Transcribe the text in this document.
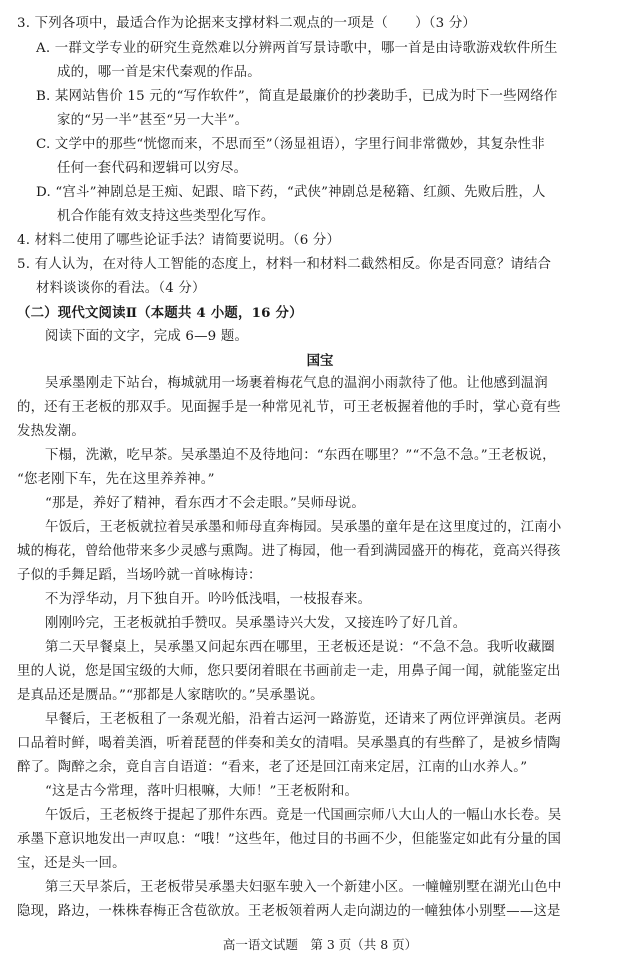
3. 下列各项中，最适合作为论据来支撑材料二观点的一项是（　　）（3 分）
A. 一群文学专业的研究生竟然难以分辨两首写景诗歌中，哪一首是由诗歌游戏软件所生
成的，哪一首是宋代秦观的作品。
B. 某网站售价 15 元的“写作软件”，简直是最廉价的抄袭助手，已成为时下一些网络作
家的“另一半”甚至“另一大半”。
C. 文学中的那些“恍惚而来，不思而至”（汤显祖语），字里行间非常微妙，其复杂性非
任何一套代码和逻辑可以穷尽。
D. “宫斗”神剧总是王痴、妃跟、暗下药，“武侠”神剧总是秘籍、红颜、先败后胜，人
机合作能有效支持这些类型化写作。
4. 材料二使用了哪些论证手法？请简要说明。（6 分）
5. 有人认为，在对待人工智能的态度上，材料一和材料二截然相反。你是否同意？请结合
材料谈谈你的看法。（4 分）
（二）现代文阅读Ⅱ（本题共 4 小题，16 分）
阅读下面的文字，完成 6—9 题。
国宝
吴承墨刚走下站台，梅城就用一场裹着梅花气息的温润小雨款待了他。让他感到温润
的，还有王老板的那双手。见面握手是一种常见礼节，可王老板握着他的手时，掌心竟有些
发热发潮。
下榻，洗漱，吃早茶。吴承墨迫不及待地问：“东西在哪里？”“不急不急。”王老板说，
“您老刚下车，先在这里养养神。”
“那是，养好了精神，看东西才不会走眼。”吴师母说。
午饭后，王老板就拉着吴承墨和师母直奔梅园。吴承墨的童年是在这里度过的，江南小
城的梅花，曾给他带来多少灵感与熏陶。进了梅园，他一看到满园盛开的梅花，竟高兴得孩
子似的手舞足蹈，当场吟就一首咏梅诗：
不为浮华动，月下独自开。吟吟低浅唱，一枝报春来。
刚刚吟完，王老板就拍手赞叹。吴承墨诗兴大发，又接连吟了好几首。
第二天早餐桌上，吴承墨又问起东西在哪里，王老板还是说：“不急不急。我听收藏圈
里的人说，您是国宝级的大师，您只要闭着眼在书画前走一走，用鼻子闻一闻，就能鉴定出
是真品还是赝品。”“那都是人家瞎吹的。”吴承墨说。
早餐后，王老板租了一条观光船，沿着古运河一路游览，还请来了两位评弹演员。老两
口品着时鲜，喝着美酒，听着琵琶的伴奏和美女的清唱。吴承墨真的有些醉了，是被乡情陶
醉了。陶醉之余，竟自言自语道：“看来，老了还是回江南来定居，江南的山水养人。”
“这是古今常理，落叶归根嘛，大师！”王老板附和。
午饭后，王老板终于提起了那件东西。竟是一代国画宗师八大山人的一幅山水长卷。吴
承墨下意识地发出一声叹息：“哦！”这些年，他过目的书画不少，但能鉴定如此有分量的国
宝，还是头一回。
第三天早茶后，王老板带吴承墨夫妇驱车驶入一个新建小区。一幢幢别墅在湖光山色中
隐现，路边，一株株春梅正含苞欲放。王老板领着两人走向湖边的一幢独体小别墅——这是
高一语文试题　第 3 页（共 8 页）
